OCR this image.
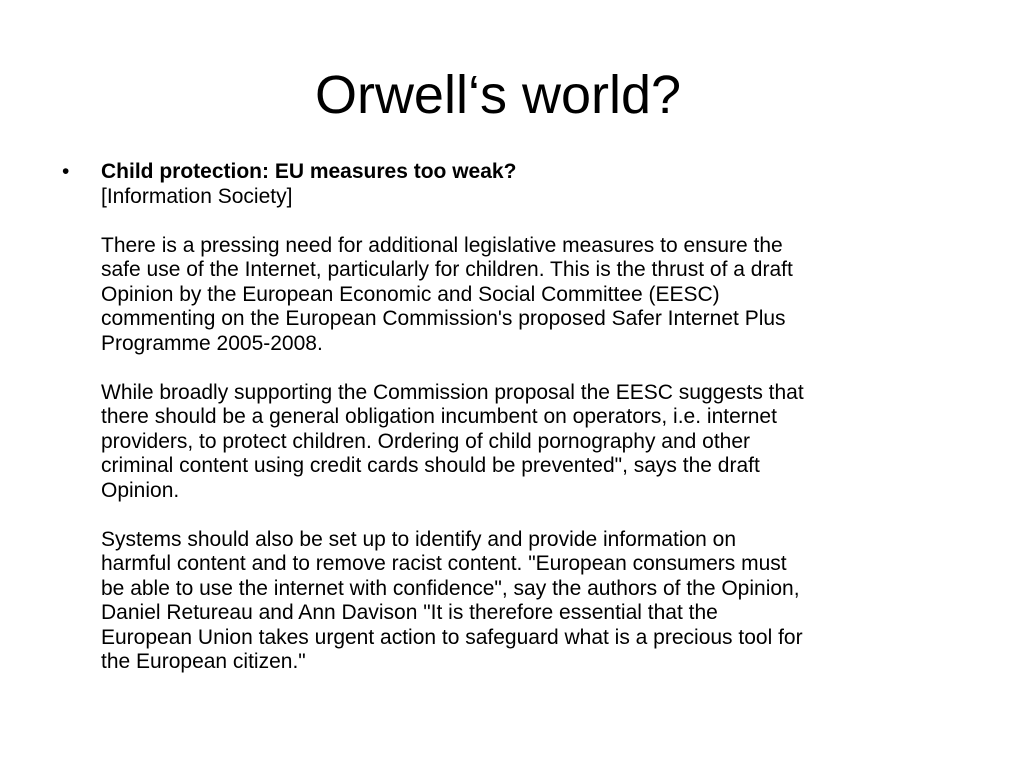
Orwell‘s world?
• Child protection: EU measures too weak?
[Information Society]
There is a pressing need for additional legislative measures to ensure the
safe use of the Internet, particularly for children. This is the thrust of a draft
Opinion by the European Economic and Social Committee (EESC)
commenting on the European Commission's proposed Safer Internet Plus
Programme 2005-2008.
While broadly supporting the Commission proposal the EESC suggests that
there should be a general obligation incumbent on operators, i.e. internet
providers, to protect children. Ordering of child pornography and other
criminal content using credit cards should be prevented", says the draft
Opinion.
Systems should also be set up to identify and provide information on
harmful content and to remove racist content. "European consumers must
be able to use the internet with confidence", say the authors of the Opinion,
Daniel Retureau and Ann Davison "It is therefore essential that the
European Union takes urgent action to safeguard what is a precious tool for
the European citizen."
